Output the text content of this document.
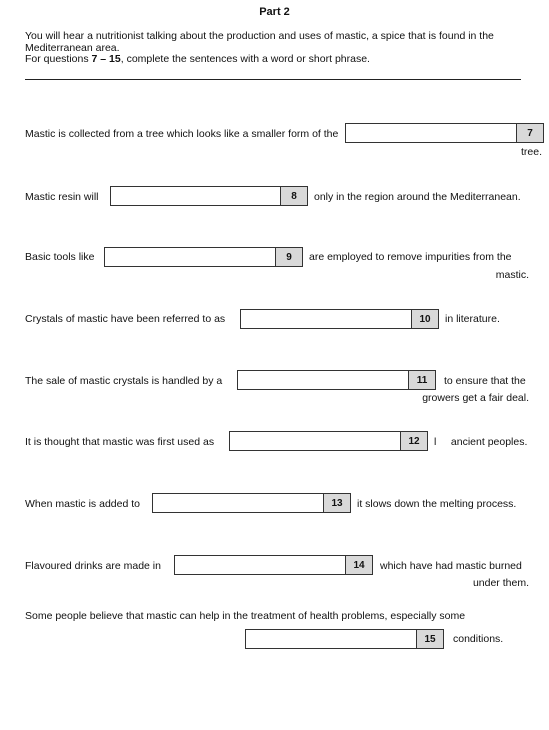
Part 2
You will hear a nutritionist talking about the production and uses of mastic, a spice that is found in the Mediterranean area.
For questions 7 – 15, complete the sentences with a word or short phrase.
Mastic is collected from a tree which looks like a smaller form of the	7
tree.
Mastic resin will	8	only in the region around the Mediterranean.
Basic tools like	9	are employed to remove impurities from the
mastic.
Crystals of mastic have been referred to as	10	in literature.
The sale of mastic crystals is handled by a	11	to ensure that the
growers get a fair deal.
It is thought that mastic was first used as	12	l     ancient peoples.
When mastic is added to	13	it slows down the melting process.
Flavoured drinks are made in	14	which have had mastic burned
under them.
Some people believe that mastic can help in the treatment of health problems, especially some
15	conditions.
